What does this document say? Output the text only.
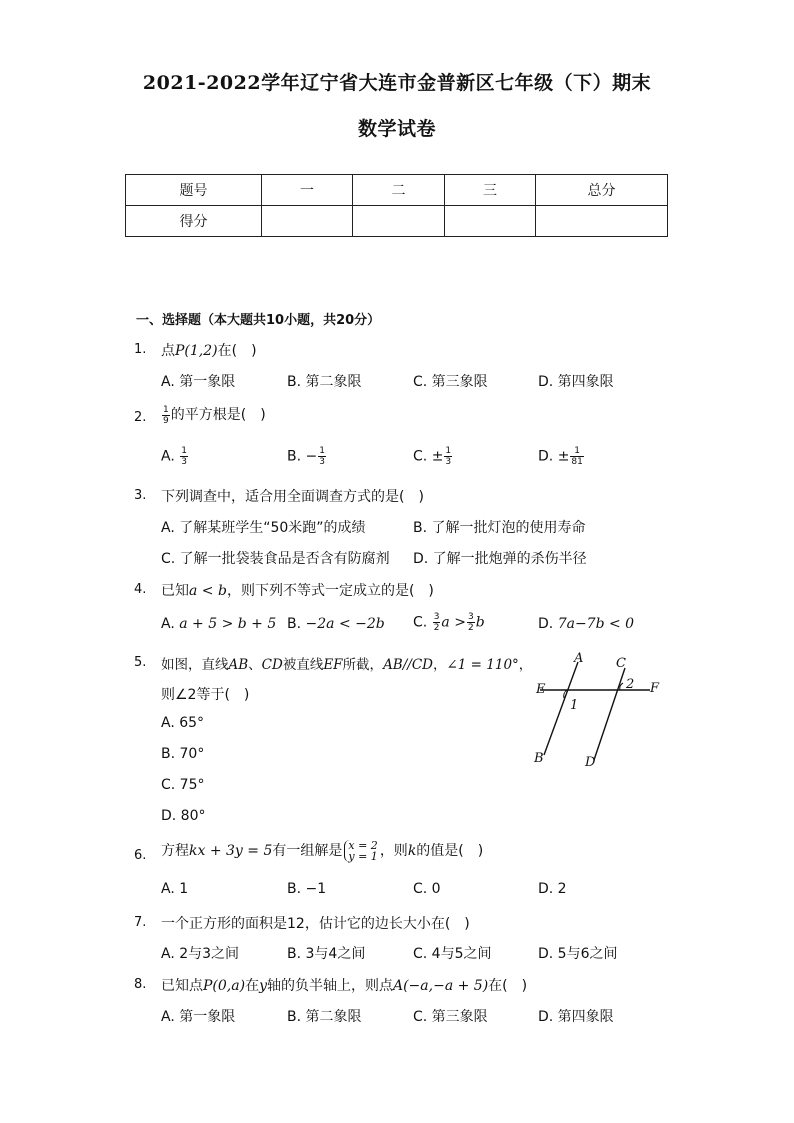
2021-2022学年辽宁省大连市金普新区七年级（下）期末
数学试卷
题号	一	二	三	总分
得分				
一、选择题（本大题共10小题，共20分）
1. 点P(1,2)在(　)
A. 第一象限	B. 第二象限	C. 第三象限	D. 第四象限
2. $\frac{1}{9}$ 的平方根是(　)
A. $\frac{1}{3}$	B. − $\frac{1}{3}$	C. ± $\frac{1}{3}$	D. ± $\frac{1}{81}$
3. 下列调查中，适合用全面调查方式的是(　)
A. 了解某班学生“50米跑”的成绩	B. 了解一批灯泡的使用寿命
C. 了解一批袋装食品是否含有防腐剂 D. 了解一批炮弹的杀伤半径
4. 已知a < b，则下列不等式一定成立的是(　)
A. a + 5 > b + 5 B. −2a < −2b C. $\frac{3}{2}$ $a > \frac{3}{2}$ b	D. 7a−7b < 0
5. 如图，直线AB、CD被直线EF所截，AB//CD，∠1 = 110°，
则∠2等于(　)
A. 65°
B. 70°
C. 75°
D. 80°
A	C
E	2 F
1
B	D
6. 方程kx + 3y = 5有一组解是 x = 2
y = 1 ，则k的值是(　)
A. 1	B. −1	C. 0	D. 2
7. 一个正方形的面积是12，估计它的边长大小在(　)
A. 2与3之间	B. 3与4之间	C. 4与5之间	D. 5与6之间
8. 已知点P(0,a)在y轴的负半轴上，则点A(−a,−a + 5)在(　)
A. 第一象限	B. 第二象限	C. 第三象限	D. 第四象限
